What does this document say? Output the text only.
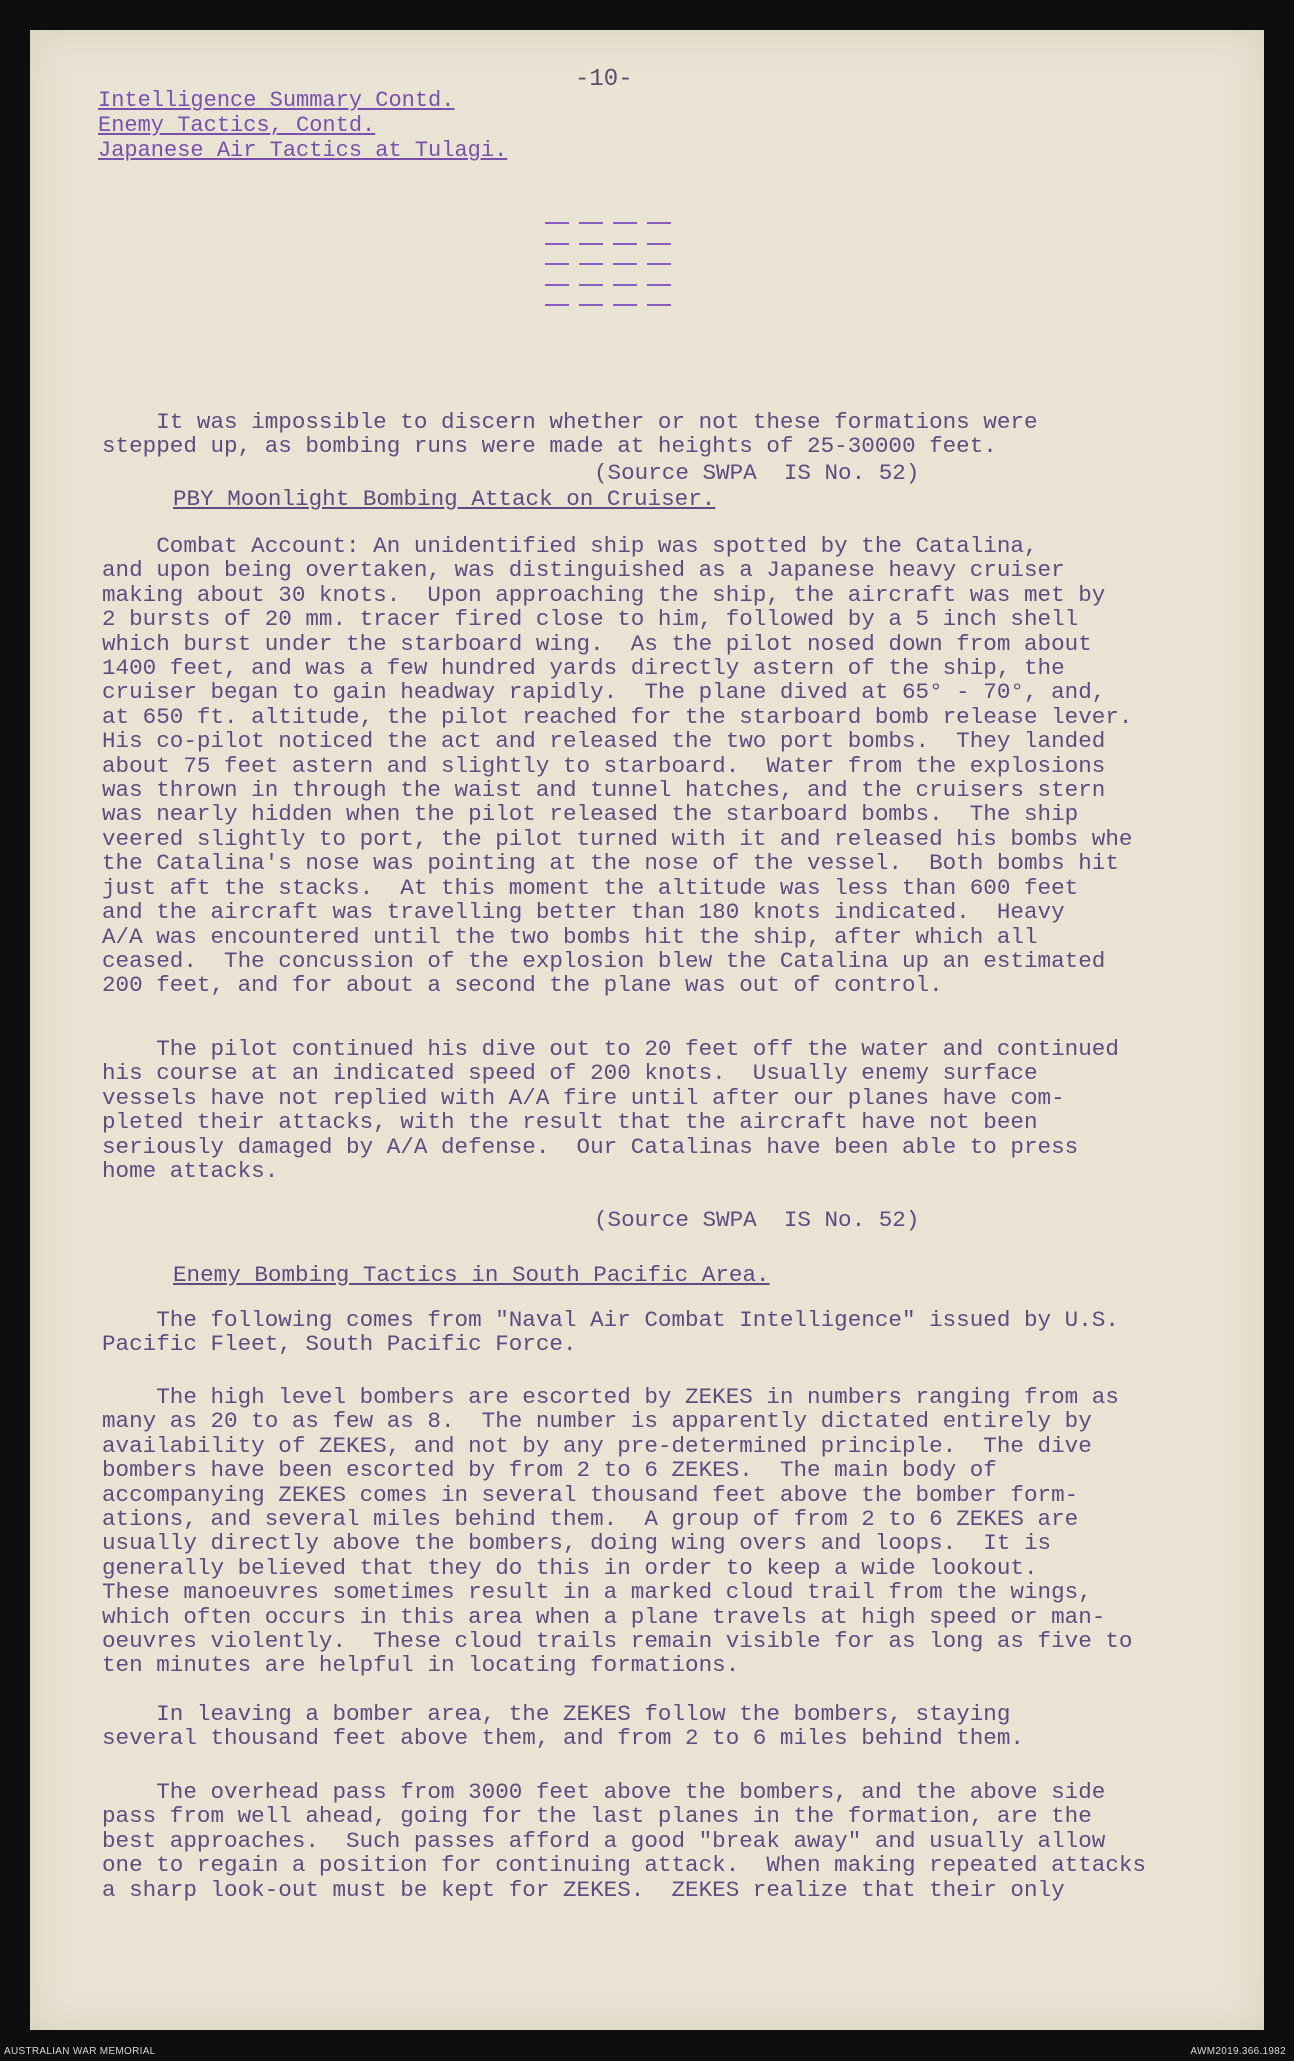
-10-
Intelligence Summary Contd.
Enemy Tactics, Contd.
Japanese Air Tactics at Tulagi.
It was impossible to discern whether or not these formations were
stepped up, as bombing runs were made at heights of 25-30000 feet.
(Source SWPA  IS No. 52)
PBY Moonlight Bombing Attack on Cruiser.
Combat Account: An unidentified ship was spotted by the Catalina,
and upon being overtaken, was distinguished as a Japanese heavy cruiser
making about 30 knots.  Upon approaching the ship, the aircraft was met by
2 bursts of 20 mm. tracer fired close to him, followed by a 5 inch shell
which burst under the starboard wing.  As the pilot nosed down from about
1400 feet, and was a few hundred yards directly astern of the ship, the
cruiser began to gain headway rapidly.  The plane dived at 65° - 70°, and,
at 650 ft. altitude, the pilot reached for the starboard bomb release lever.
His co-pilot noticed the act and released the two port bombs.  They landed
about 75 feet astern and slightly to starboard.  Water from the explosions
was thrown in through the waist and tunnel hatches, and the cruisers stern
was nearly hidden when the pilot released the starboard bombs.  The ship
veered slightly to port, the pilot turned with it and released his bombs whe
the Catalina's nose was pointing at the nose of the vessel.  Both bombs hit
just aft the stacks.  At this moment the altitude was less than 600 feet
and the aircraft was travelling better than 180 knots indicated.  Heavy
A/A was encountered until the two bombs hit the ship, after which all
ceased.  The concussion of the explosion blew the Catalina up an estimated
200 feet, and for about a second the plane was out of control.
The pilot continued his dive out to 20 feet off the water and continued
his course at an indicated speed of 200 knots.  Usually enemy surface
vessels have not replied with A/A fire until after our planes have com-
pleted their attacks, with the result that the aircraft have not been
seriously damaged by A/A defense.  Our Catalinas have been able to press
home attacks.
(Source SWPA  IS No. 52)
Enemy Bombing Tactics in South Pacific Area.
The following comes from "Naval Air Combat Intelligence" issued by U.S.
Pacific Fleet, South Pacific Force.
The high level bombers are escorted by ZEKES in numbers ranging from as
many as 20 to as few as 8.  The number is apparently dictated entirely by
availability of ZEKES, and not by any pre-determined principle.  The dive
bombers have been escorted by from 2 to 6 ZEKES.  The main body of
accompanying ZEKES comes in several thousand feet above the bomber form-
ations, and several miles behind them.  A group of from 2 to 6 ZEKES are
usually directly above the bombers, doing wing overs and loops.  It is
generally believed that they do this in order to keep a wide lookout.
These manoeuvres sometimes result in a marked cloud trail from the wings,
which often occurs in this area when a plane travels at high speed or man-
oeuvres violently.  These cloud trails remain visible for as long as five to
ten minutes are helpful in locating formations.
In leaving a bomber area, the ZEKES follow the bombers, staying
several thousand feet above them, and from 2 to 6 miles behind them.
The overhead pass from 3000 feet above the bombers, and the above side
pass from well ahead, going for the last planes in the formation, are the
best approaches.  Such passes afford a good "break away" and usually allow
one to regain a position for continuing attack.  When making repeated attacks
a sharp look-out must be kept for ZEKES.  ZEKES realize that their only
AUSTRALIAN WAR MEMORIAL	AWM2019.366.1982
